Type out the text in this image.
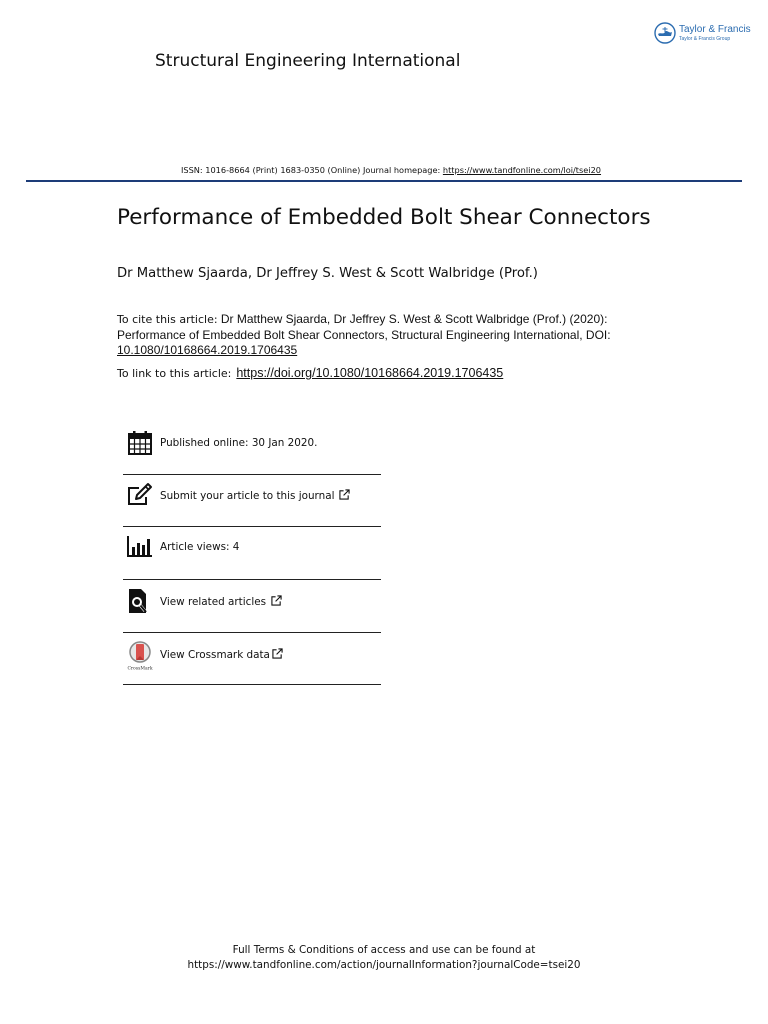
Taylor & Francis
Taylor & Francis Group
Structural Engineering International
ISSN: 1016-8664 (Print) 1683-0350 (Online) Journal homepage: https://www.tandfonline.com/loi/tsei20
Performance of Embedded Bolt Shear Connectors
Dr Matthew Sjaarda, Dr Jeffrey S. West & Scott Walbridge (Prof.)
To cite this article: Dr Matthew Sjaarda, Dr Jeffrey S. West & Scott Walbridge (Prof.) (2020): Performance of Embedded Bolt Shear Connectors, Structural Engineering International, DOI: 10.1080/10168664.2019.1706435
To link to this article: https://doi.org/10.1080/10168664.2019.1706435
Published online: 30 Jan 2020.
Submit your article to this journal
Article views: 4
View related articles
CrossMark
View Crossmark data
Full Terms & Conditions of access and use can be found at
https://www.tandfonline.com/action/journalInformation?journalCode=tsei20
